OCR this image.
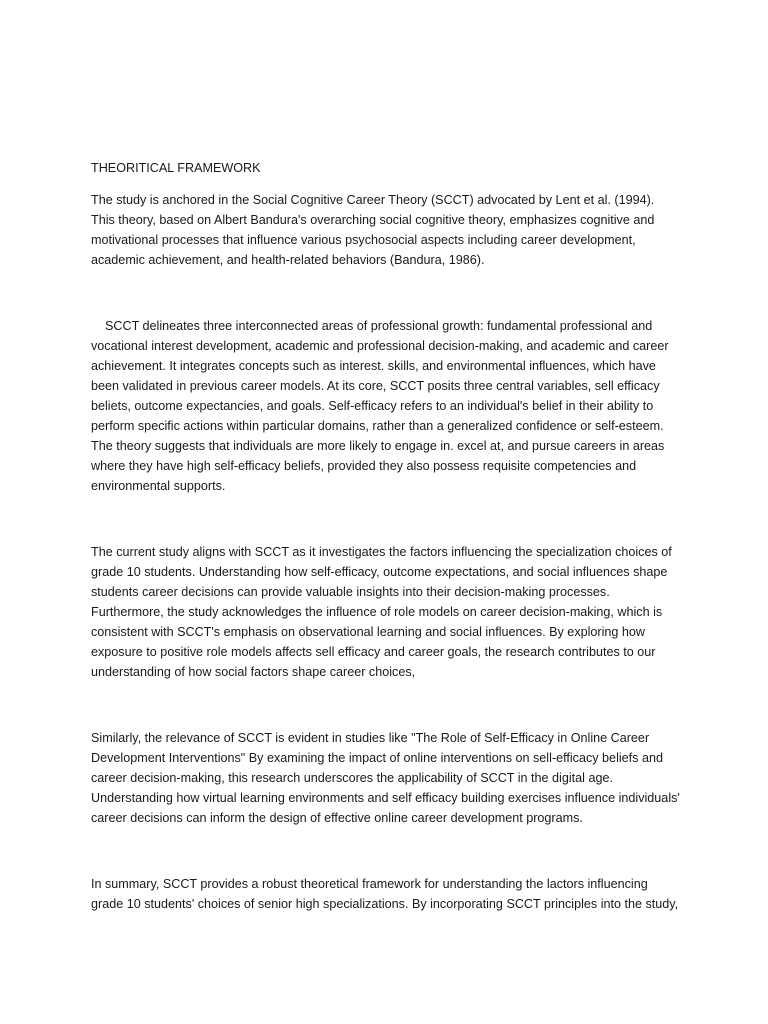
THEORITICAL FRAMEWORK

The study is anchored in the Social Cognitive Career Theory (SCCT) advocated by Lent et al. (1994). This theory, based on Albert Bandura's overarching social cognitive theory, emphasizes cognitive and motivational processes that influence various psychosocial aspects including career development, academic achievement, and health-related behaviors (Bandura, 1986).

SCCT delineates three interconnected areas of professional growth: fundamental professional and vocational interest development, academic and professional decision-making, and academic and career achievement. It integrates concepts such as interest. skills, and environmental influences, which have been validated in previous career models. At its core, SCCT posits three central variables, sell efficacy beliets, outcome expectancies, and goals. Self-efficacy refers to an individual's belief in their ability to perform specific actions within particular domains, rather than a generalized confidence or self-esteem. The theory suggests that individuals are more likely to engage in. excel at, and pursue careers in areas where they have high self-efficacy beliefs, provided they also possess requisite competencies and environmental supports.

The current study aligns with SCCT as it investigates the factors influencing the specialization choices of grade 10 students. Understanding how self-efficacy, outcome expectations, and social influences shape students career decisions can provide valuable insights into their decision-making processes. Furthermore, the study acknowledges the influence of role models on career decision-making, which is consistent with SCCT's emphasis on observational learning and social influences. By exploring how exposure to positive role models affects sell efficacy and career goals, the research contributes to our understanding of how social factors shape career choices,

Similarly, the relevance of SCCT is evident in studies like "The Role of Self-Efficacy in Online Career Development Interventions" By examining the impact of online interventions on sell-efficacy beliefs and career decision-making, this research underscores the applicability of SCCT in the digital age. Understanding how virtual learning environments and self efficacy building exercises influence individuals' career decisions can inform the design of effective online career development programs.

In summary, SCCT provides a robust theoretical framework for understanding the lactors influencing grade 10 students' choices of senior high specializations. By incorporating SCCT principles into the study,
